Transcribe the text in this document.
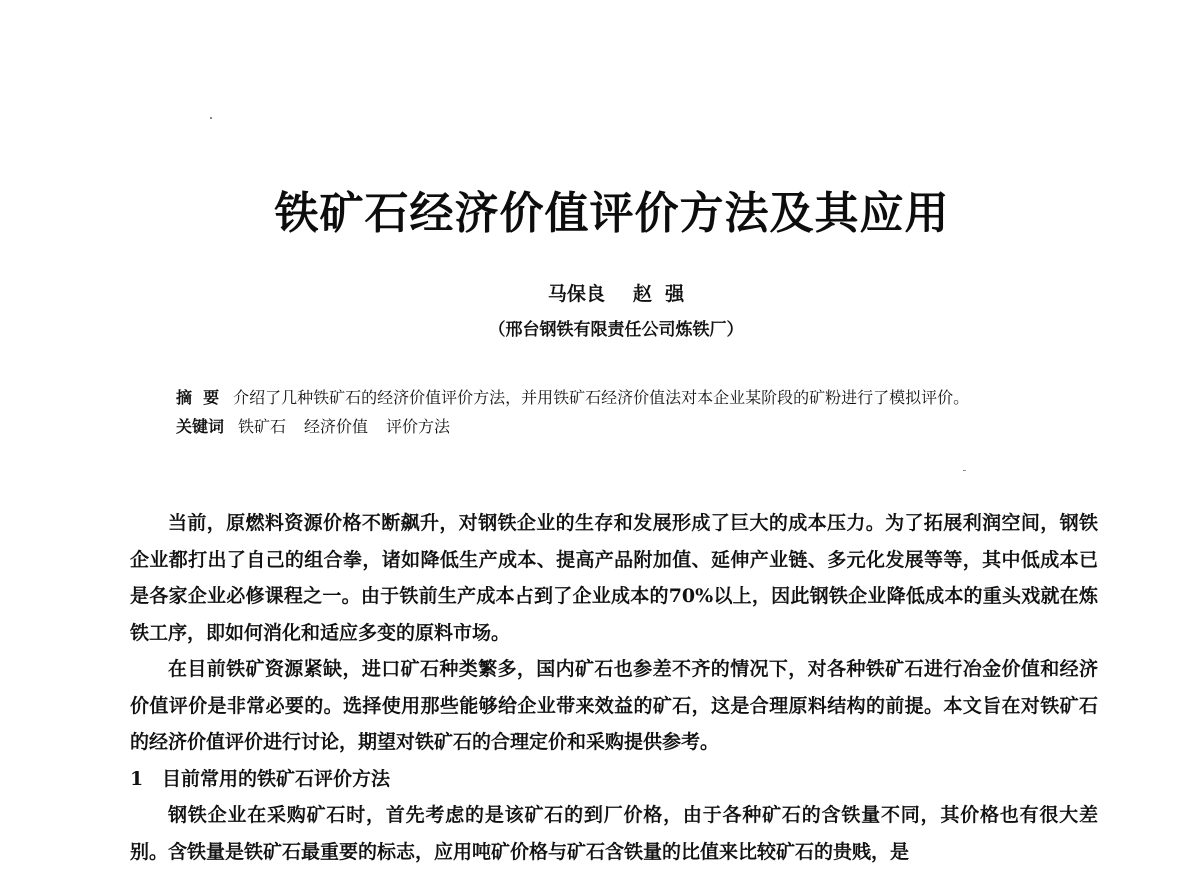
铁矿石经济价值评价方法及其应用
马保良 赵  强
（邢台钢铁有限责任公司炼铁厂）
摘  要 介绍了几种铁矿石的经济价值评价方法，并用铁矿石经济价值法对本企业某阶段的矿粉进行了模拟评价。
关键词 铁矿石 经济价值 评价方法

当前，原燃料资源价格不断飙升，对钢铁企业的生存和发展形成了巨大的成本压力。为了拓展利润空间，钢铁企业都打出了自己的组合拳，诸如降低生产成本、提高产品附加值、延伸产业链、多元化发展等等，其中低成本已是各家企业必修课程之一。由于铁前生产成本占到了企业成本的70%以上，因此钢铁企业降低成本的重头戏就在炼铁工序，即如何消化和适应多变的原料市场。

在目前铁矿资源紧缺，进口矿石种类繁多，国内矿石也参差不齐的情况下，对各种铁矿石进行冶金价值和经济价值评价是非常必要的。选择使用那些能够给企业带来效益的矿石，这是合理原料结构的前提。本文旨在对铁矿石的经济价值评价进行讨论，期望对铁矿石的合理定价和采购提供参考。

1 目前常用的铁矿石评价方法

钢铁企业在采购矿石时，首先考虑的是该矿石的到厂价格，由于各种矿石的含铁量不同，其价格也有很大差别。含铁量是铁矿石最重要的标志，应用吨矿价格与矿石含铁量的比值来比较矿石的贵贱，是
